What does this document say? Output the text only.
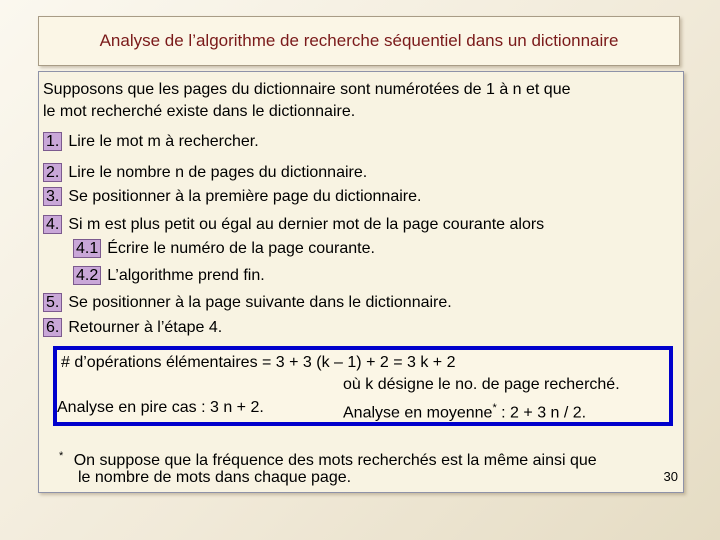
Analyse de l’algorithme de recherche séquentiel dans un dictionnaire
Supposons que les pages du dictionnaire sont numérotées de 1 à n et que
le mot recherché existe dans le dictionnaire.
1. Lire le mot m à rechercher.
2. Lire le nombre n de pages du dictionnaire.
3. Se positionner à la première page du dictionnaire.
4. Si m est plus petit ou égal au dernier mot de la page courante alors
4.1 Écrire le numéro de la page courante.
4.2 L’algorithme prend fin.
5. Se positionner à la page suivante dans le dictionnaire.
6. Retourner à l’étape 4.
# d’opérations élémentaires = 3 + 3 (k – 1) + 2 = 3 k + 2
où k désigne le no. de page recherché.
Analyse en pire cas : 3 n + 2.	Analyse en moyenne* : 2 + 3 n / 2.
* On suppose que la fréquence des mots recherchés est la même ainsi que
le nombre de mots dans chaque page.	30
